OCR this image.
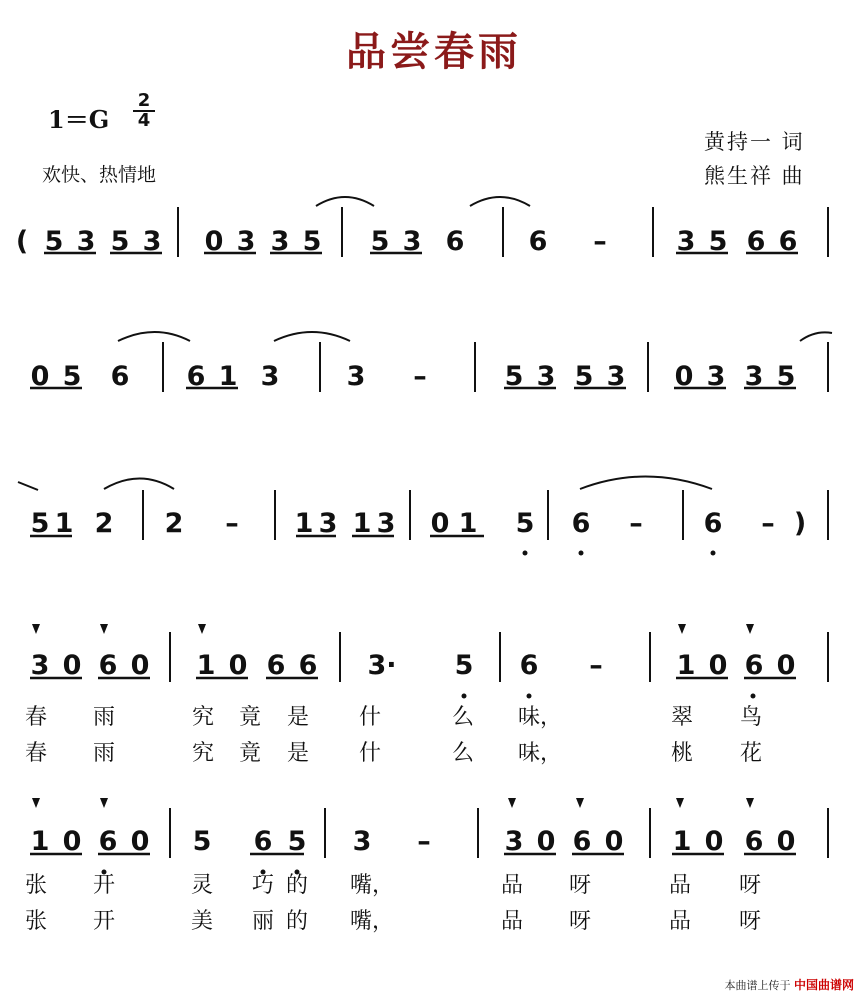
品尝春雨
$1=G \frac{2}{4}$
欢快、热情地
黄持一 词
熊生祥 曲
( 5 3 5 3 0 3 3 5 5 3 6 6 –	3 5 6 6
0 5 6 6 1 3 3 –	5 3 5 3 0 3 3 5
5 1 2 2 – 1 3 1 3 0 1 5 6 – 6 – )
3 0 6 0 1 0 6 6 3· 5 6 –	1 0 6 0
春 雨	究 竟 是 什	么 味，	翠 鸟
春 雨	究 竟 是 什	么 味，	桃 花
1 0 6 0 5 6 5 3 –	3 0 6 0 1 0 6 0
张 开	灵 巧 的 嘴，	品 呀	品 呀
张 开	美 丽 的 嘴，	品 呀	品 呀
本曲谱上传于 中国曲谱网
